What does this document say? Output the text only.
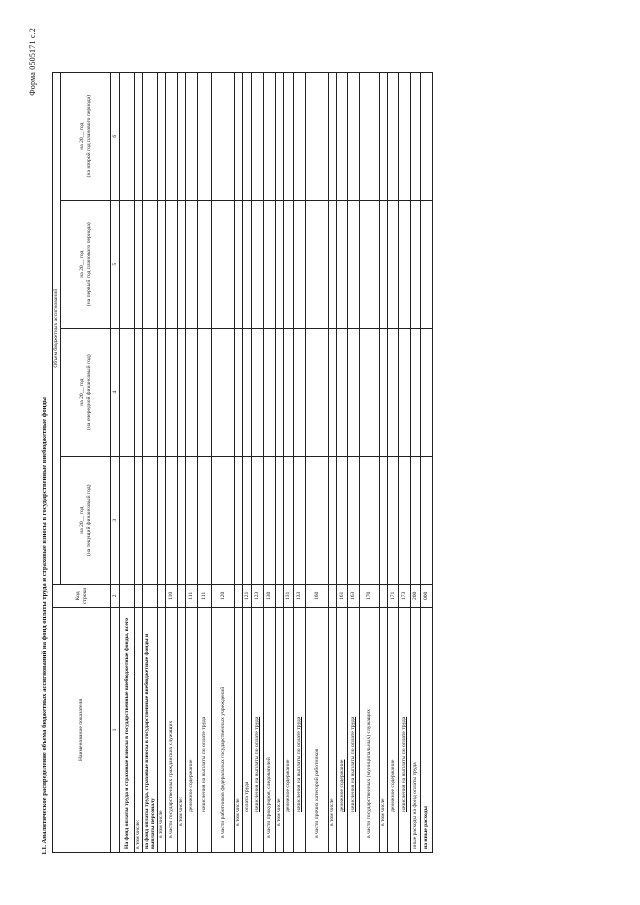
Форма 0505171 с.2
1.1. Аналитическое распределение объема бюджетных ассигнований на фонд оплаты труда и страховые взносы в государственные внебюджетные фонды	Наименование показателя	Код строки	Объем бюджетных ассигнований			

		на 20__ год (на текущий финансовый год)	на 20__ год (на очередной финансовый год)	на 20__ год (на первый год планового периода)	на 20__ год (на второй год планового периода)

1	2	3	4	5	6
На фонд оплаты труда и страховые взносы в государственные внебюджетные фонды, всего					
в том числе:					
на фонд оплаты труда, страховые взносы в государственные внебюджетные фонды и выплаты персоналу					
в том числе					
в части государственных гражданских служащих	110				
в том числе:					
денежное содержание	111				
начисления на выплаты по оплате труда	111				
в части работников федеральных государственных учреждений	120				
в том числе					
оплата труда	121				
начисления на выплаты по оплате труда	123				
в части прокуроров, следователей	130				
в том числе					
денежное содержание	131				
начисления на выплаты по оплате труда	133				
в части прочих категорий работников	160				
в том числе					
денежное содержание	161				
начисления на выплаты по оплате труда	163				
в части государственных (муниципальных) служащих	170				
в том числе					
денежное содержание	171				
начисления на выплаты по оплате труда	173				
иные расходы на фонд оплаты труда	200				
на иные расходы	000				
